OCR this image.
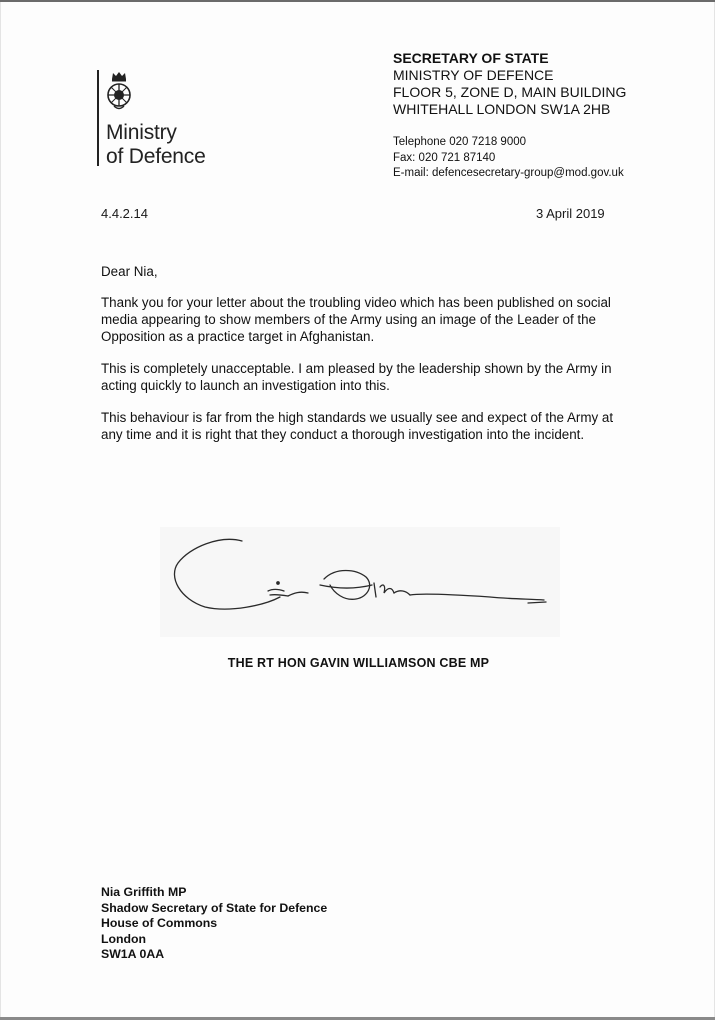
Ministry
of Defence
SECRETARY OF STATE
MINISTRY OF DEFENCE
FLOOR 5, ZONE D, MAIN BUILDING
WHITEHALL LONDON SW1A 2HB
Telephone 020 7218 9000
Fax: 020 721 87140
E-mail: defencesecretary-group@mod.gov.uk
4.4.2.14	3 April 2019

Dear Nia,

Thank you for your letter about the troubling video which has been published on social media appearing to show members of the Army using an image of the Leader of the Opposition as a practice target in Afghanistan.

This is completely unacceptable. I am pleased by the leadership shown by the Army in acting quickly to launch an investigation into this.

This behaviour is far from the high standards we usually see and expect of the Army at any time and it is right that they conduct a thorough investigation into the incident.

THE RT HON GAVIN WILLIAMSON CBE MP
Nia Griffith MP
Shadow Secretary of State for Defence
House of Commons
London
SW1A 0AA
